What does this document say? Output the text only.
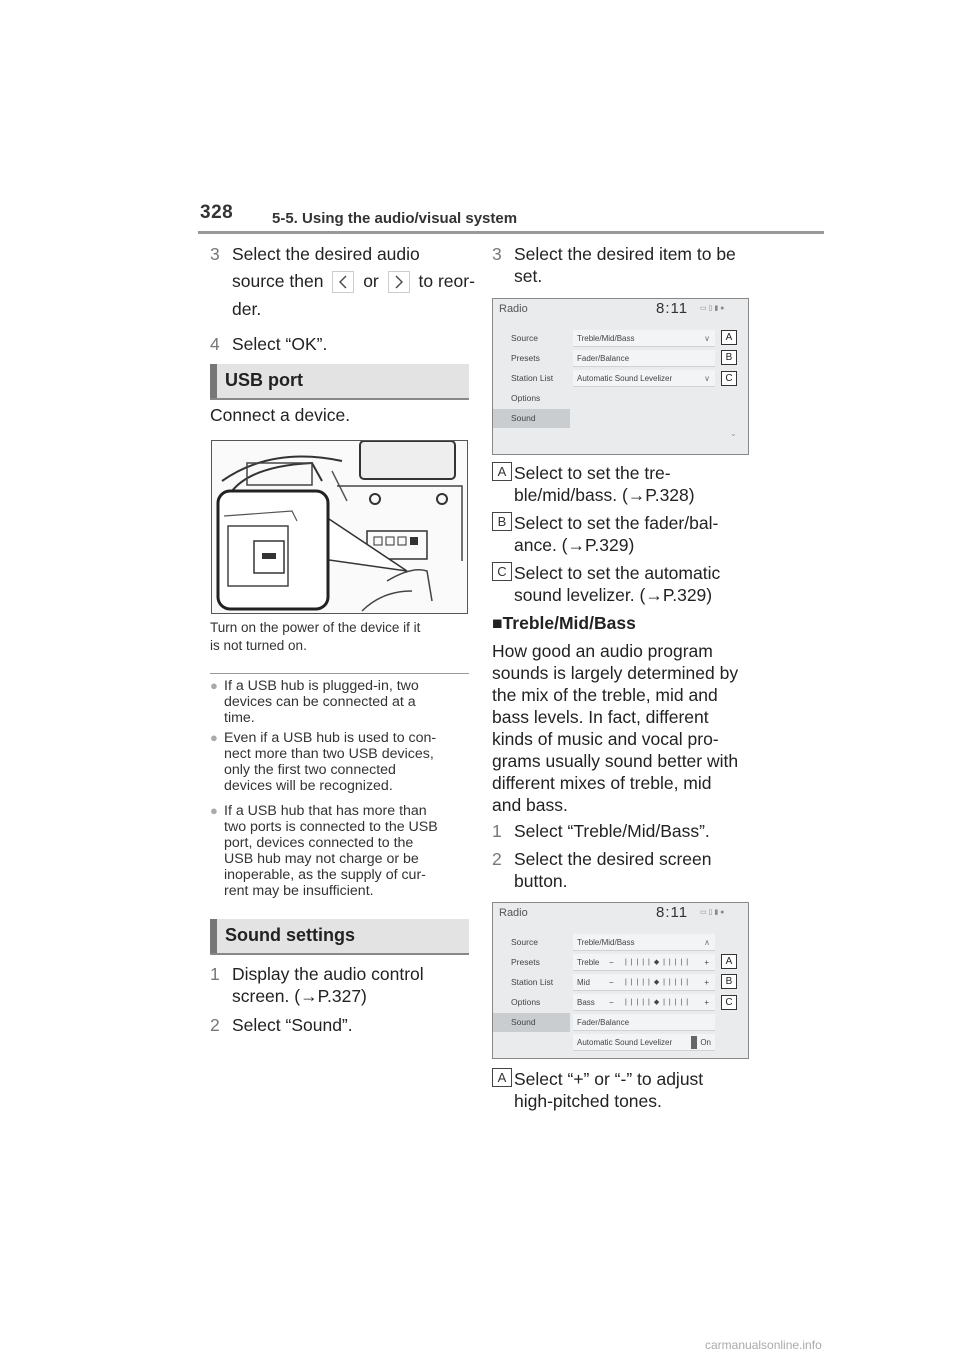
328	5-5. Using the audio/visual system
3 Select the desired audio
source then or to reor-
der.
4 Select “OK”.
USB port
Connect a device.
Turn on the power of the device if it
is not turned on.
● If a USB hub is plugged-in, two
devices can be connected at a
time.
● Even if a USB hub is used to con-
nect more than two USB devices,
only the first two connected
devices will be recognized.
● If a USB hub that has more than
two ports is connected to the USB
port, devices connected to the
USB hub may not charge or be
inoperable, as the supply of cur-
rent may be insufficient.
Sound settings
1 Display the audio control
screen. (→P.327)
2 Select “Sound”.
3 Select the desired item to be
set.
Radio	8:11 ▭ ▯ ▮ ●
Source
Presets
Station List
Options
Sound
Treble/Mid/Bass	∨
Fader/Balance
Automatic Sound Levelizer	∨
A
B
C
⌄
A Select to set the tre-
ble/mid/bass. (→P.328)
B Select to set the fader/bal-
ance. (→P.329)
C Select to set the automatic
sound levelizer. (→P.329)
■Treble/Mid/Bass
How good an audio program
sounds is largely determined by
the mix of the treble, mid and
bass levels. In fact, different
kinds of music and vocal pro-
grams usually sound better with
different mixes of treble, mid
and bass.
1 Select “Treble/Mid/Bass”.
2 Select the desired screen
button.
Radio	8:11 ▭ ▯ ▮ ●
Source
Presets
Station List
Options
Sound
Treble/Mid/Bass	∧
Treble − | | | | | ◆ | | | | | +
Mid − | | | | | ◆ | | | | | +
Bass − | | | | | ◆ | | | | | +
Fader/Balance
Automatic Sound Levelizer	On
A
B
C
A Select “+” or “-” to adjust
high-pitched tones.
carmanualsonline.info
